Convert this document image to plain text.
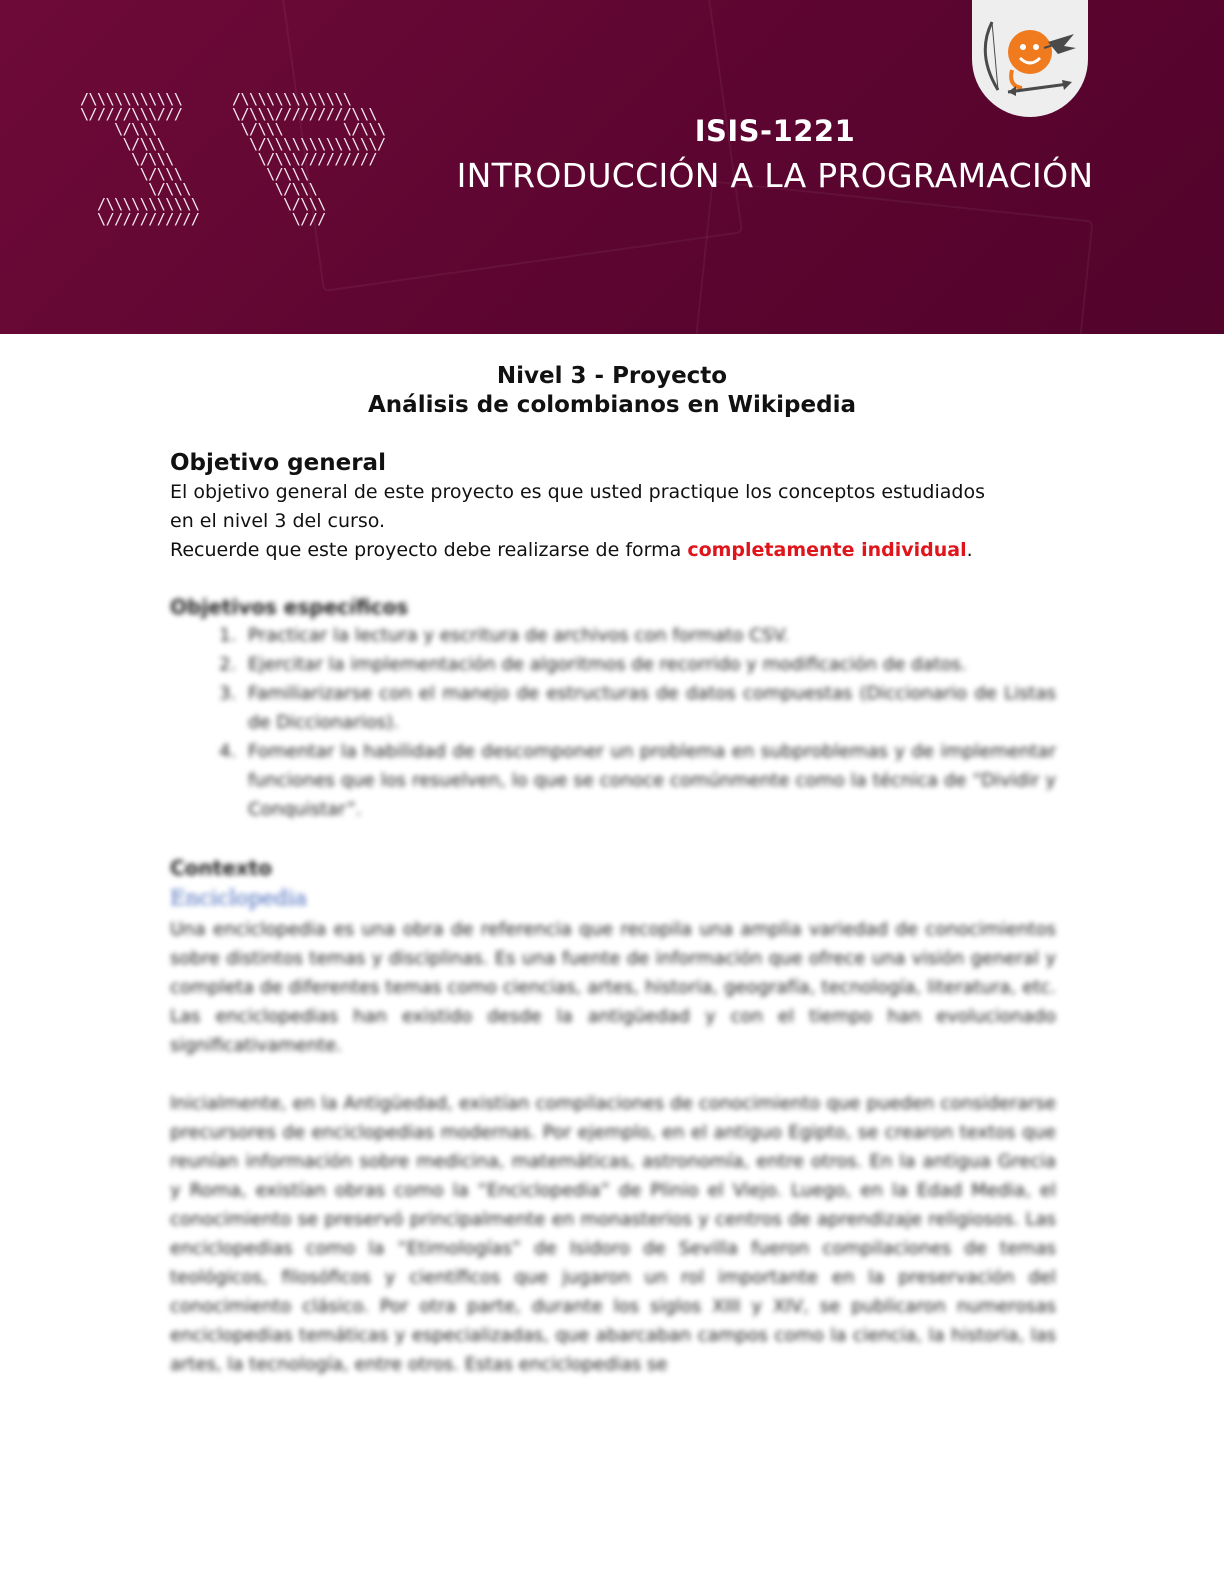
/\\\\\\\\\\\
\/////\\\///
\/\\\
\/\\\
\/\\\
\/\\\
\/\\\
/\\\\\\\\\\\
\///////////
/\\\\\\\\\\\\\
\/\\\/////////\\\
\/\\\       \/\\\
\/\\\\\\\\\\\\\/
\/\\\/////////
\/\\\
\/\\\
\/\\\
\///
ISIS-1221
INTRODUCCIÓN A LA PROGRAMACIÓN
Nivel 3 - Proyecto
Análisis de colombianos en Wikipedia
Objetivo general

El objetivo general de este proyecto es que usted practique los conceptos estudiados
en el nivel 3 del curso.
Recuerde que este proyecto debe realizarse de forma completamente individual.

Objetivos específicos
1. Practicar la lectura y escritura de archivos con formato CSV.
2. Ejercitar la implementación de algoritmos de recorrido y modificación de datos.
3. Familiarizarse con el manejo de estructuras de datos compuestas (Diccionario de Listas de Diccionarios).
4. Fomentar la habilidad de descomponer un problema en subproblemas y de implementar funciones que los resuelven, lo que se conoce comúnmente como la técnica de “Dividir y Conquistar”.
Contexto
Enciclopedia

Una enciclopedia es una obra de referencia que recopila una amplia variedad de conocimientos sobre distintos temas y disciplinas. Es una fuente de información que ofrece una visión general y completa de diferentes temas como ciencias, artes, historia, geografía, tecnología, literatura, etc. Las enciclopedias han existido desde la antigüedad y con el tiempo han evolucionado significativamente.

Inicialmente, en la Antigüedad, existían compilaciones de conocimiento que pueden considerarse precursores de enciclopedias modernas. Por ejemplo, en el antiguo Egipto, se crearon textos que reunían información sobre medicina, matemáticas, astronomía, entre otros. En la antigua Grecia y Roma, existían obras como la “Enciclopedia” de Plinio el Viejo. Luego, en la Edad Media, el conocimiento se preservó principalmente en monasterios y centros de aprendizaje religiosos. Las enciclopedias como la “Etimologías” de Isidoro de Sevilla fueron compilaciones de temas teológicos, filosóficos y científicos que jugaron un rol importante en la preservación del conocimiento clásico. Por otra parte, durante los siglos XIII y XIV, se publicaron numerosas enciclopedias temáticas y especializadas, que abarcaban campos como la ciencia, la historia, las artes, la tecnología, entre otros. Estas enciclopedias se
